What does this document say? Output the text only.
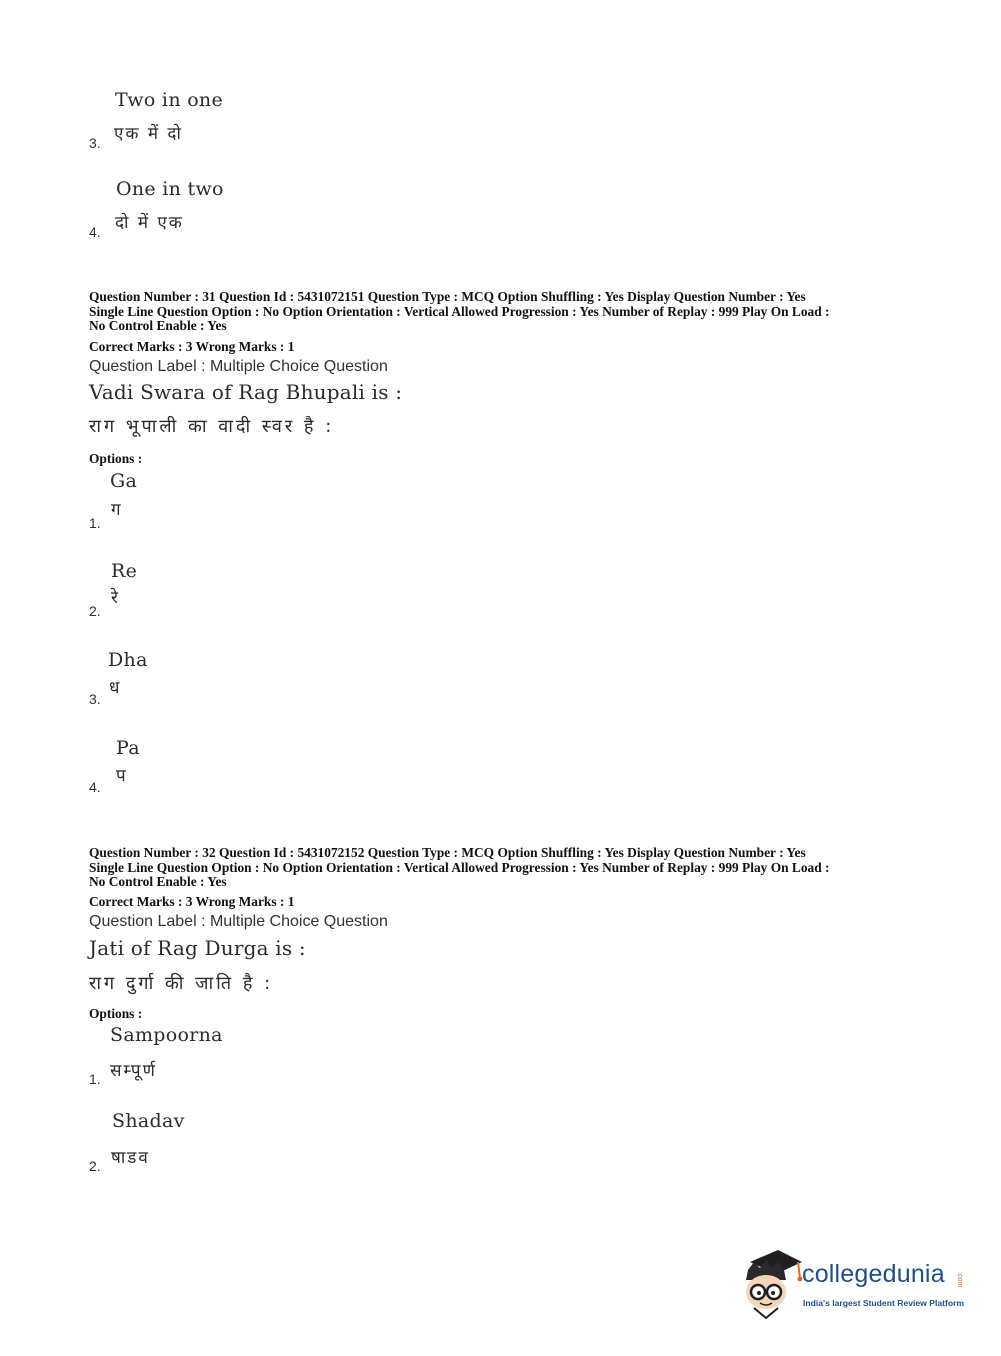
Two in one
एक में दो
3.
One in two
दो में एक
4.
Question Number : 31 Question Id : 5431072151 Question Type : MCQ Option Shuffling : Yes Display Question Number : Yes
Single Line Question Option : No Option Orientation : Vertical Allowed Progression : Yes Number of Replay : 999 Play On Load :
No Control Enable : Yes
Correct Marks : 3 Wrong Marks : 1
Question Label : Multiple Choice Question
Vadi Swara of Rag Bhupali is :
राग भूपाली का वादी स्वर है :
Options :
Ga
ग
1.
Re
रे
2.
Dha
ध
3.
Pa
प
4.
Question Number : 32 Question Id : 5431072152 Question Type : MCQ Option Shuffling : Yes Display Question Number : Yes
Single Line Question Option : No Option Orientation : Vertical Allowed Progression : Yes Number of Replay : 999 Play On Load :
No Control Enable : Yes
Correct Marks : 3 Wrong Marks : 1
Question Label : Multiple Choice Question
Jati of Rag Durga is :
राग दुर्गा की जाति है :
Options :
Sampoorna
सम्पूर्ण
1.
Shadav
षाडव
2.
collegedunia .com
India's largest Student Review Platform
